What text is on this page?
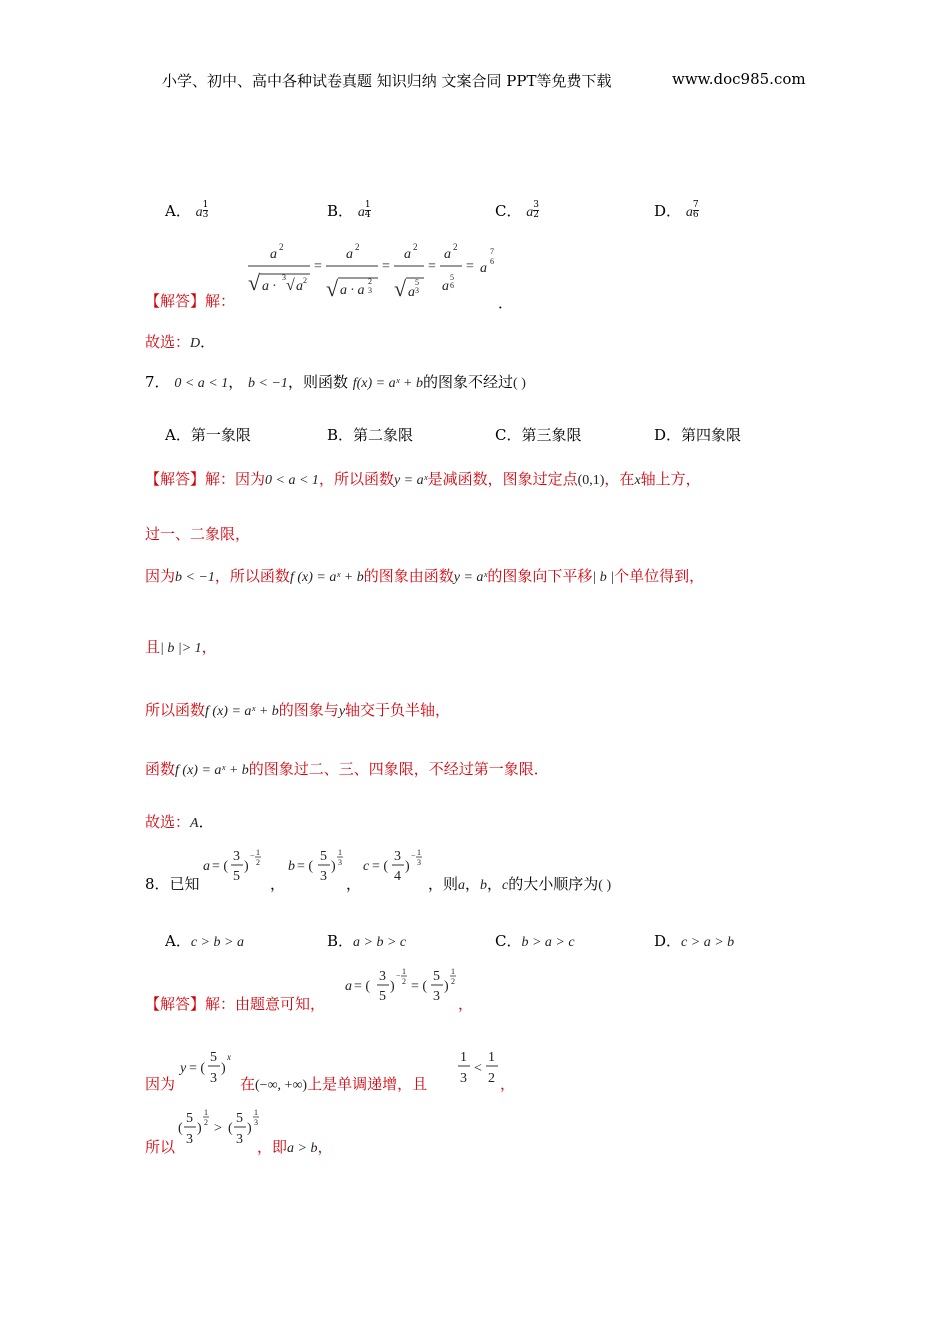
小学、初中、高中各种试卷真题 知识归纳 文案合同 PPT等免费下载	www.doc985.com
A． a $\frac{1}{3}$	B． a $\frac{1}{4}$	C． a $\frac{3}{2}$	D． a $\frac{7}{6}$
a 2
√ a ·
3 √ a 2
=
a 2
√ a · a
2
3
=
a 2
√ a
5
3
=
a 2
a
5
6
= a
7
6
【解答】解：	．
故选：D．
7． 0 < a < 1， b < −1，则函数 f(x) = aˣ + b的图象不经过( )
A．第一象限	B．第二象限	C．第三象限	D．第四象限
【解答】解：因为0 < a < 1，所以函数y = aˣ是减函数，图象过定点(0,1)，在x轴上方，
过一、二象限，
因为b < −1，所以函数f (x) = aˣ + b的图象由函数y = aˣ的图象向下平移| b |个单位得到，
且| b |> 1，
所以函数f (x) = aˣ + b的图象与y轴交于负半轴，
函数f (x) = aˣ + b的图象过二、三、四象限，不经过第一象限．
故选：A．
8．已知
a = (
3
5
)
− 1
2
，
b = (
5
3
)
1
3
，
c = (
3
4
)
− 1
3
，则a，b，c的大小顺序为( )
A．c > b > a	B．a > b > c	C．b > a > c	D．c > a > b
【解答】解：由题意可知，
a = (
3
5
)
− 1
2 = (
5
3
)
1
2
，
因为
y = (
5
3
)
x
在(−∞, +∞)上是单调递增，且
1
3
<
1
2 ，
所以
(
5
3
)
1
2 > (
5
3
)
1
3
，即a > b，
